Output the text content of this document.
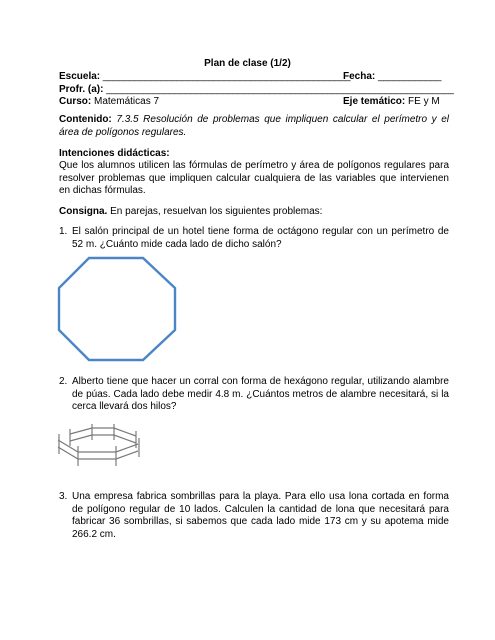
Plan de clase (1/2)
Escuela: _______________________________________________
Fecha: ____________
Profr. (a): __________________________________________________________________
Curso: Matemáticas 7	Eje temático: FE y M
Contenido: 7.3.5 Resolución de problemas que impliquen calcular el perímetro y el área de polígonos regulares.
Intenciones didácticas:
Que los alumnos utilicen las fórmulas de perímetro y área de polígonos regulares para resolver problemas que impliquen calcular cualquiera de las variables que intervienen en dichas fórmulas.
Consigna. En parejas, resuelvan los siguientes problemas:
1. El salón principal de un hotel tiene forma de octágono regular con un perímetro de 52 m. ¿Cuánto mide cada lado de dicho salón?
2. Alberto tiene que hacer un corral con forma de hexágono regular, utilizando alambre de púas. Cada lado debe medir 4.8 m. ¿Cuántos metros de alambre necesitará, si la cerca llevará dos hilos?
3. Una empresa fabrica sombrillas para la playa. Para ello usa lona cortada en forma de polígono regular de 10 lados. Calculen la cantidad de lona que necesitará para fabricar 36 sombrillas, si sabemos que cada lado mide 173 cm y su apotema mide 266.2 cm.
